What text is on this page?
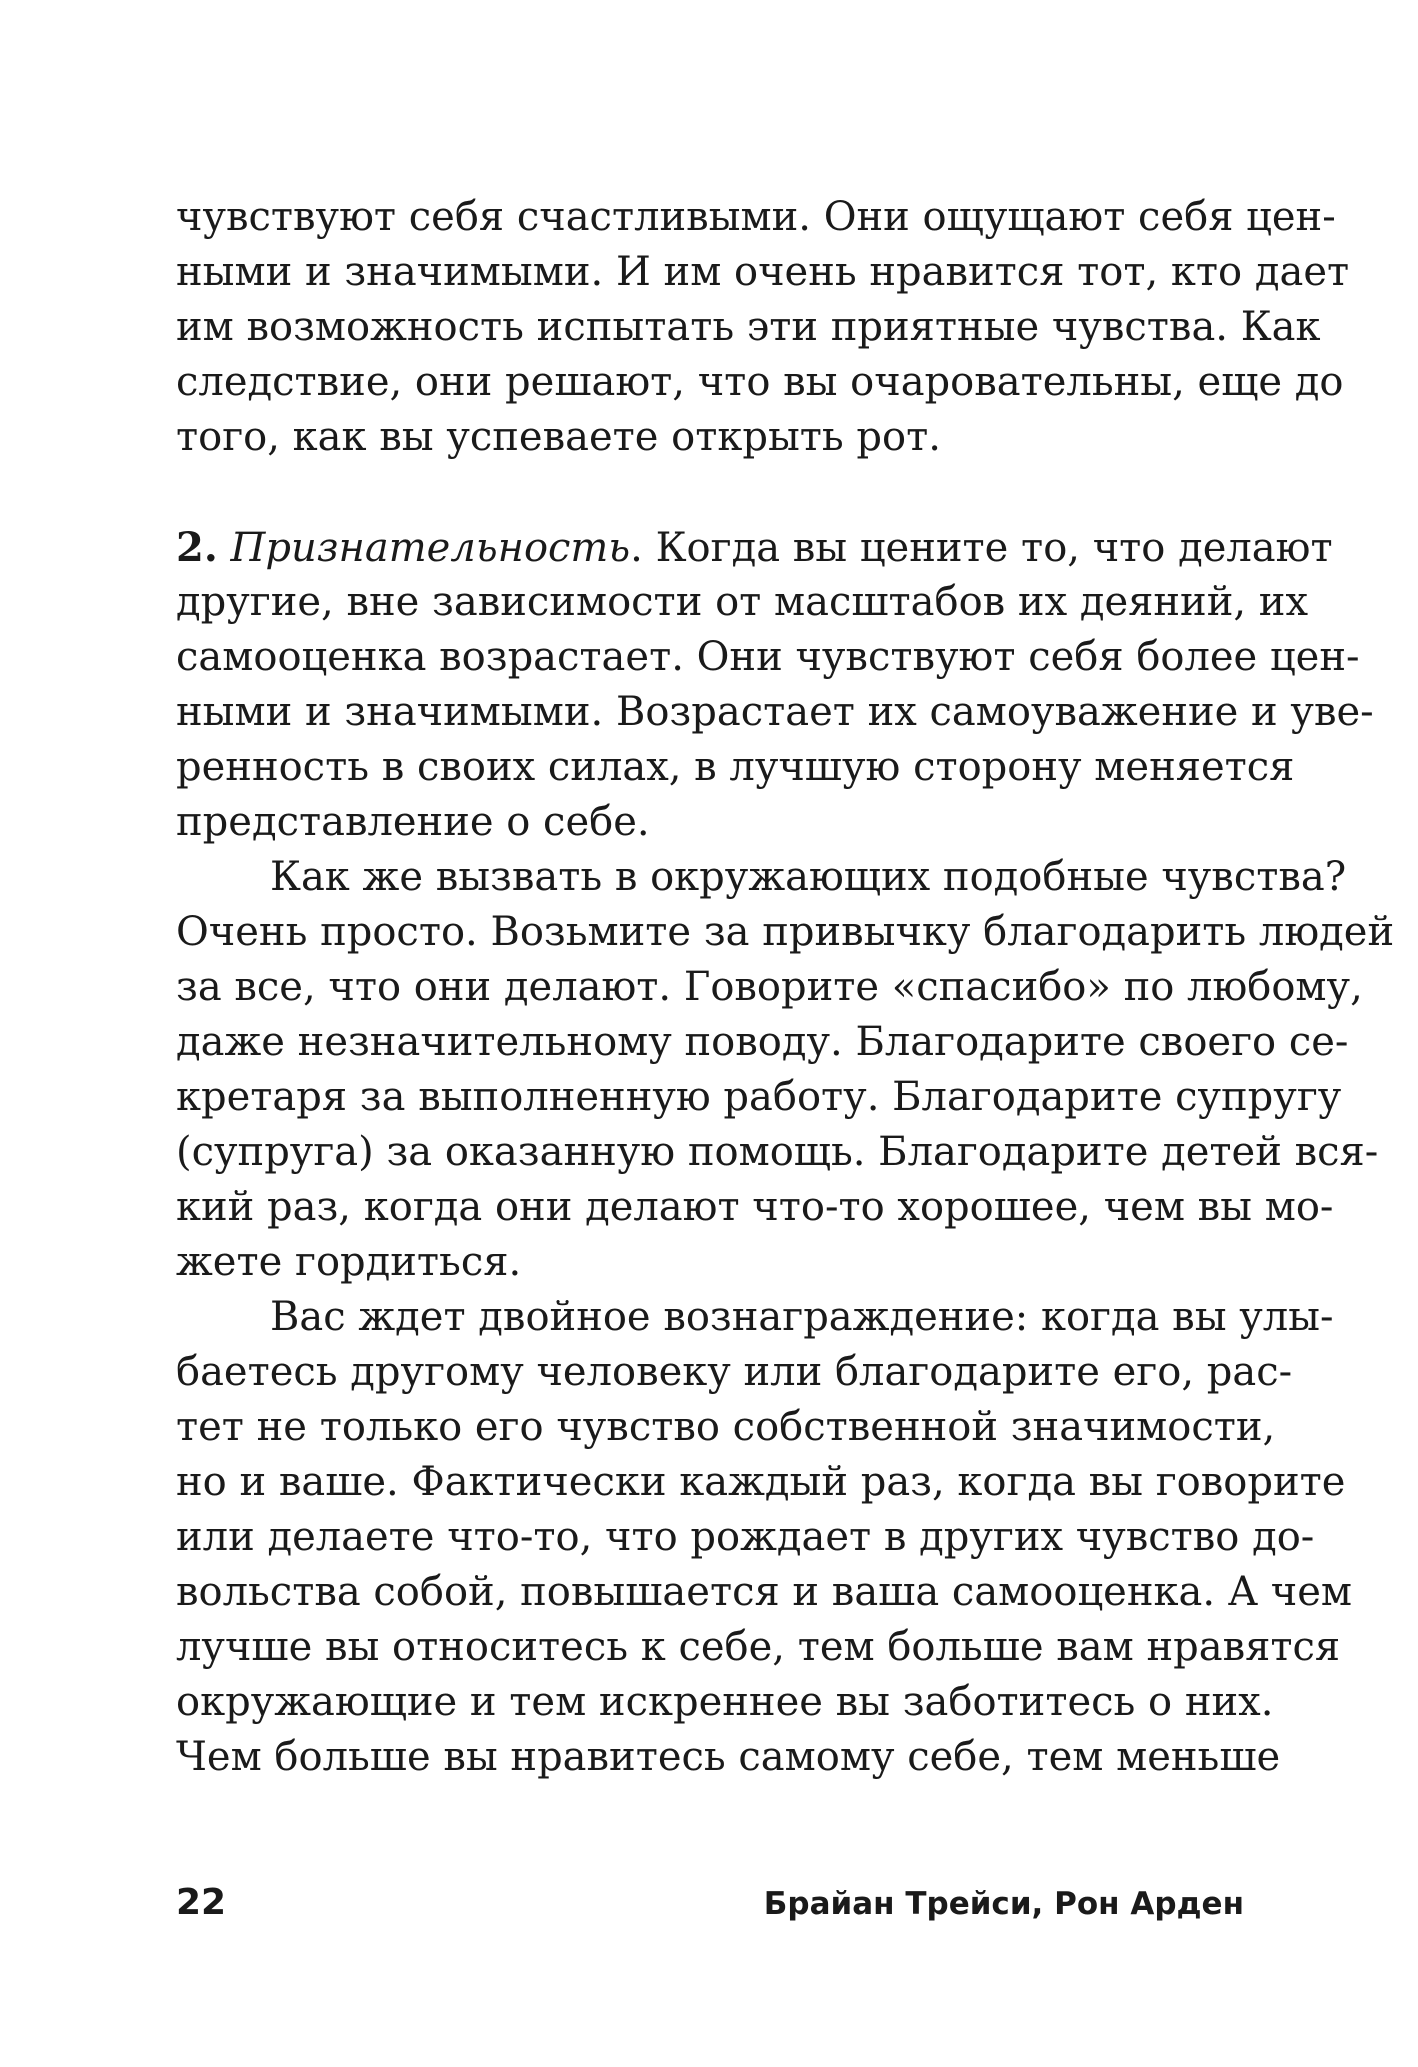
чувствуют себя счастливыми. Они ощущают себя цен-
ными и значимыми. И им очень нравится тот, кто дает
им возможность испытать эти приятные чувства. Как
следствие, они решают, что вы очаровательны, еще до
того, как вы успеваете открыть рот.
2. Признательность. Когда вы цените то, что делают
другие, вне зависимости от масштабов их деяний, их
самооценка возрастает. Они чувствуют себя более цен-
ными и значимыми. Возрастает их самоуважение и уве-
ренность в своих силах, в лучшую сторону меняется
представление о себе.
Как же вызвать в окружающих подобные чувства?
Очень просто. Возьмите за привычку благодарить людей
за все, что они делают. Говорите «спасибо» по любому,
даже незначительному поводу. Благодарите своего се-
кретаря за выполненную работу. Благодарите супругу
(супруга) за оказанную помощь. Благодарите детей вся-
кий раз, когда они делают что-то хорошее, чем вы мо-
жете гордиться.
Вас ждет двойное вознаграждение: когда вы улы-
баетесь другому человеку или благодарите его, рас-
тет не только его чувство собственной значимости,
но и ваше. Фактически каждый раз, когда вы говорите
или делаете что-то, что рождает в других чувство до-
вольства собой, повышается и ваша самооценка. А чем
лучше вы относитесь к себе, тем больше вам нравятся
окружающие и тем искреннее вы заботитесь о них.
Чем больше вы нравитесь самому себе, тем меньше
22	Брайан Трейси, Рон Арден
